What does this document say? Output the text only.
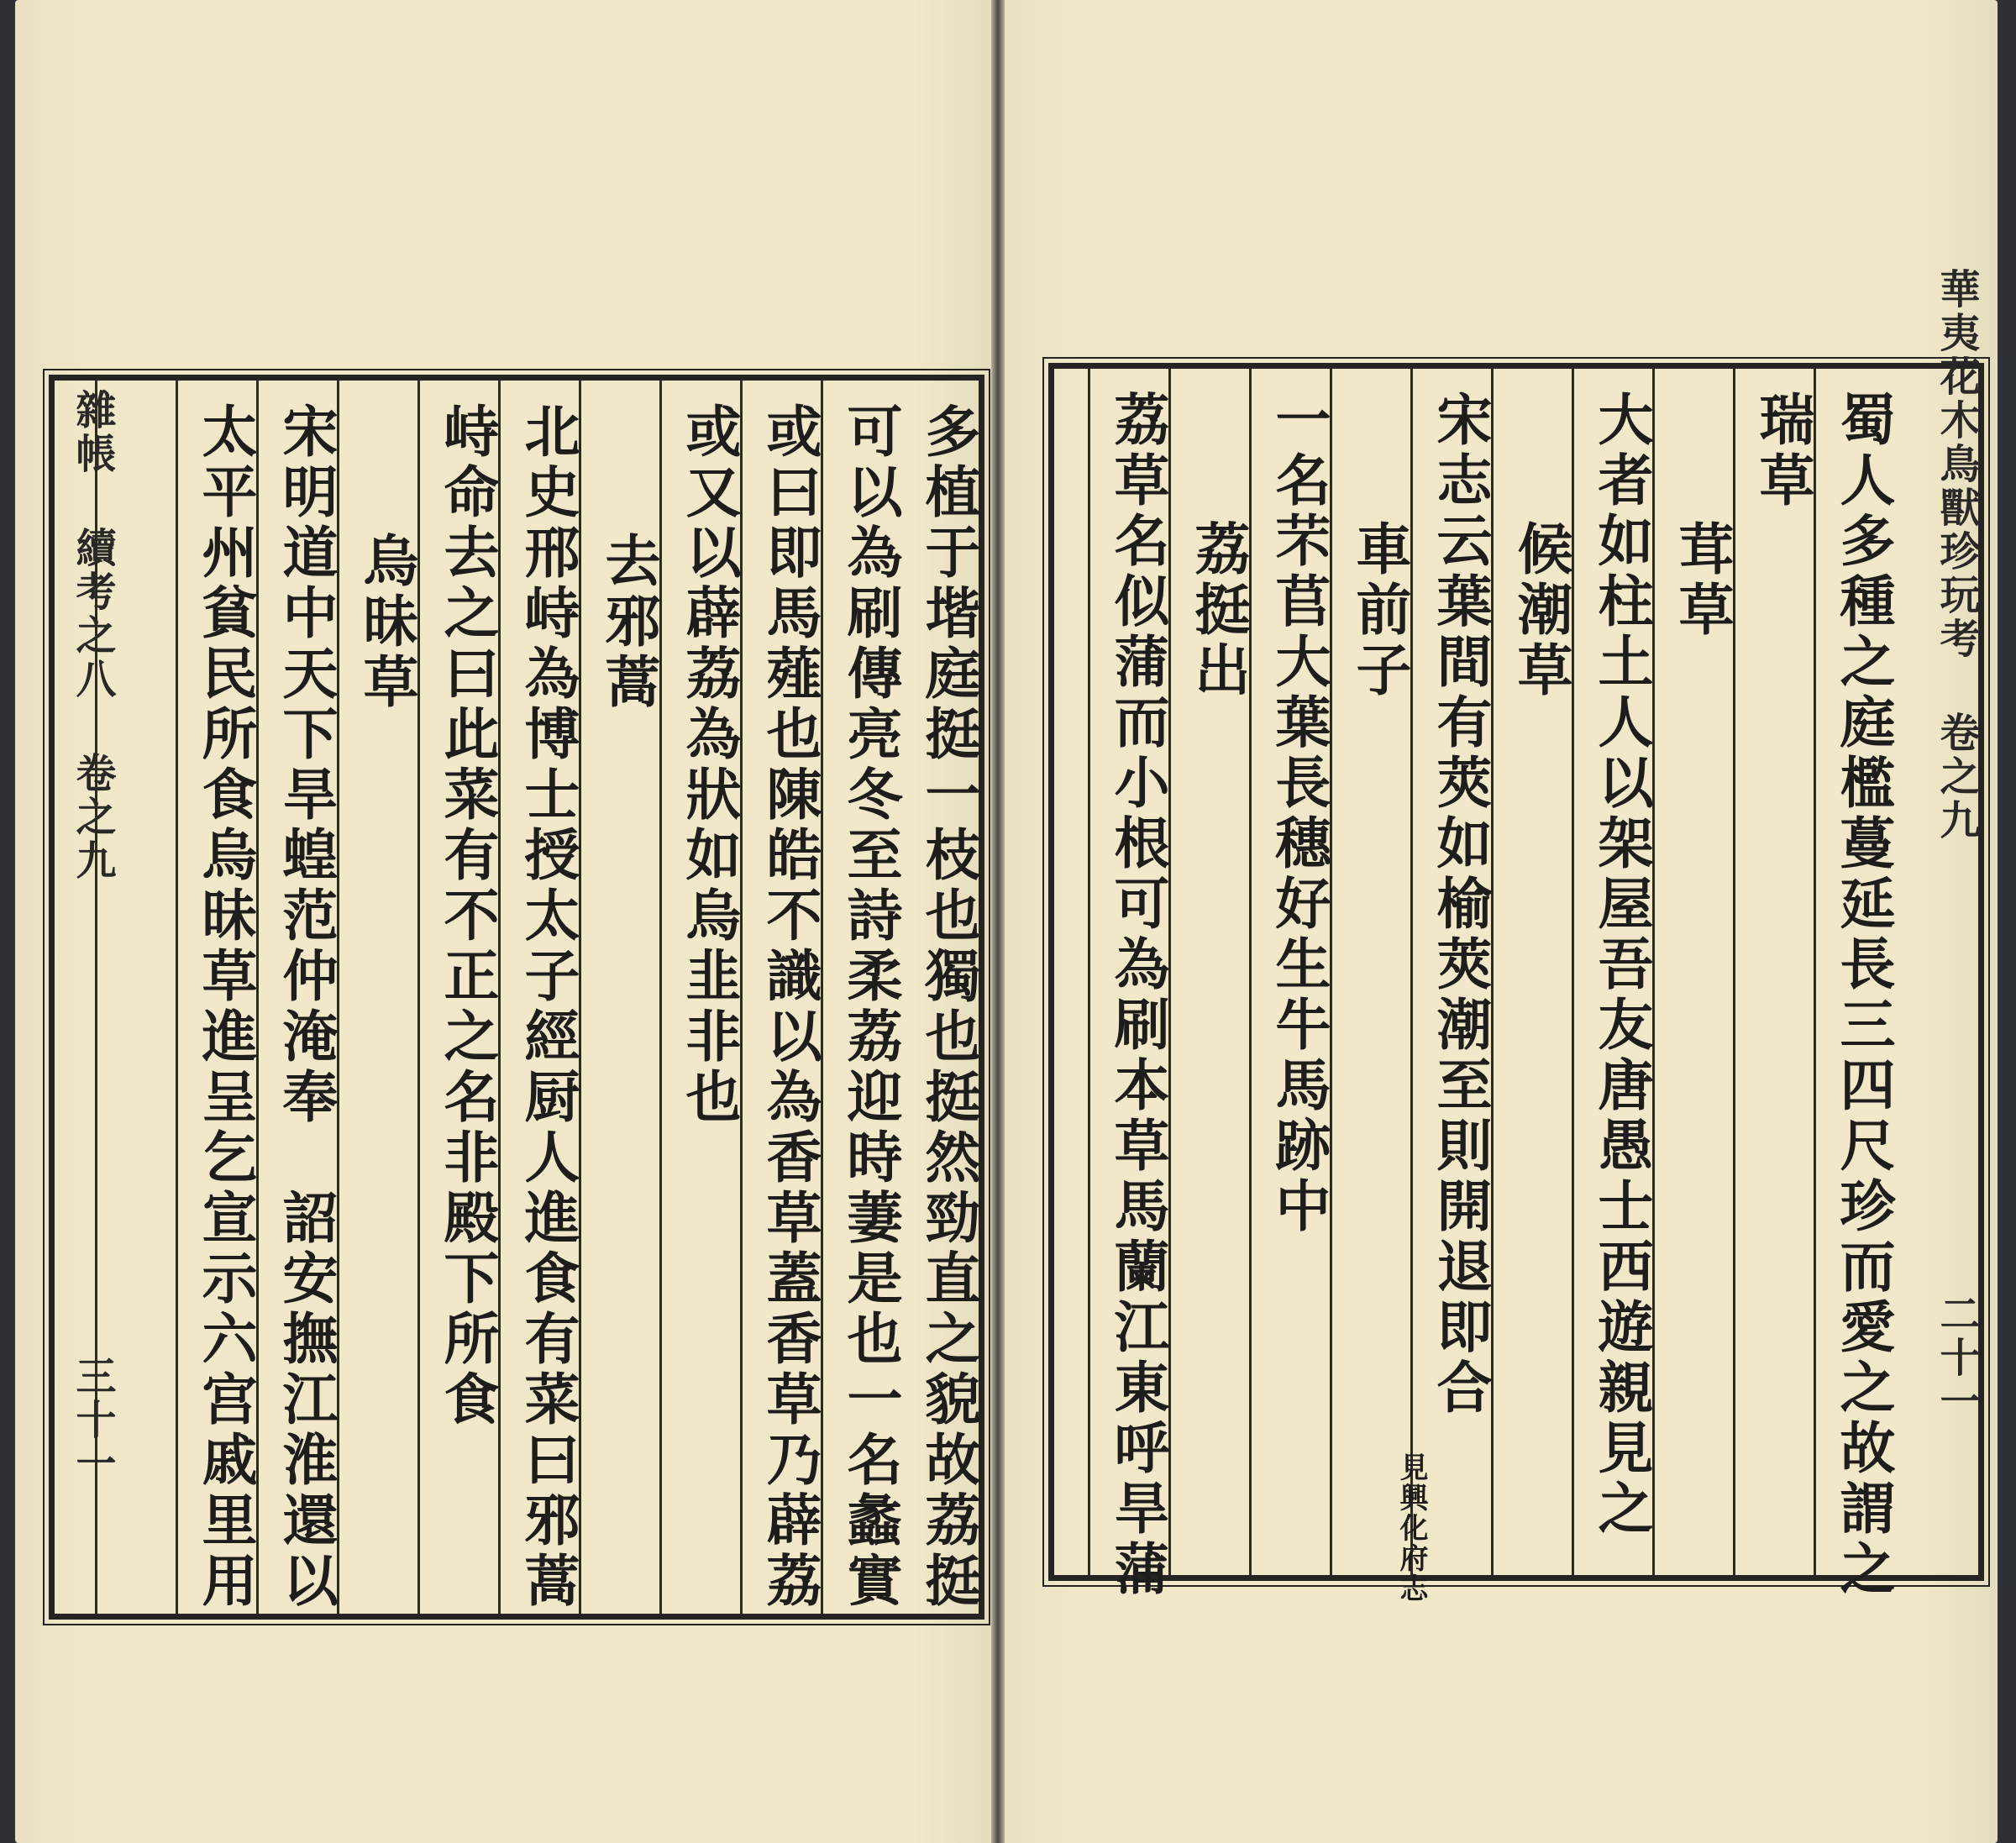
多植于堦庭挺一枝也獨也挺然勁直之貌故荔挺
可以為刷傳亮冬至詩柔荔迎時萋是也一名蠡實
或曰即馬薤也陳皓不識以為香草蓋香草乃薜荔
或又以薜荔為狀如烏韭非也
去邪蒿
北史邢峙為博士授太子經厨人進食有菜曰邪蒿
峙命去之曰此菜有不正之名非殿下所食
烏昧草
宋明道中天下旱蝗范仲淹奉　詔安撫江淮還以
太平州貧民所食烏昧草進呈乞宣示六宫戚里用
雜帳 續考之八 卷之九
三十一
華夷花木鳥獸珍玩考 卷之九
二十一
蜀人多種之庭檻蔓延長三四尺珍而愛之故謂之
瑞草
茸草
大者如柱土人以架屋吾友唐愚士西遊親見之
候潮草
宋志云葉間有莢如榆莢潮至則開退即合
見興化府志
車前子
一名芣苢大葉長穗好生牛馬跡中
荔挺出
荔草名似蒲而小根可為刷本草馬蘭江東呼旱蒲
